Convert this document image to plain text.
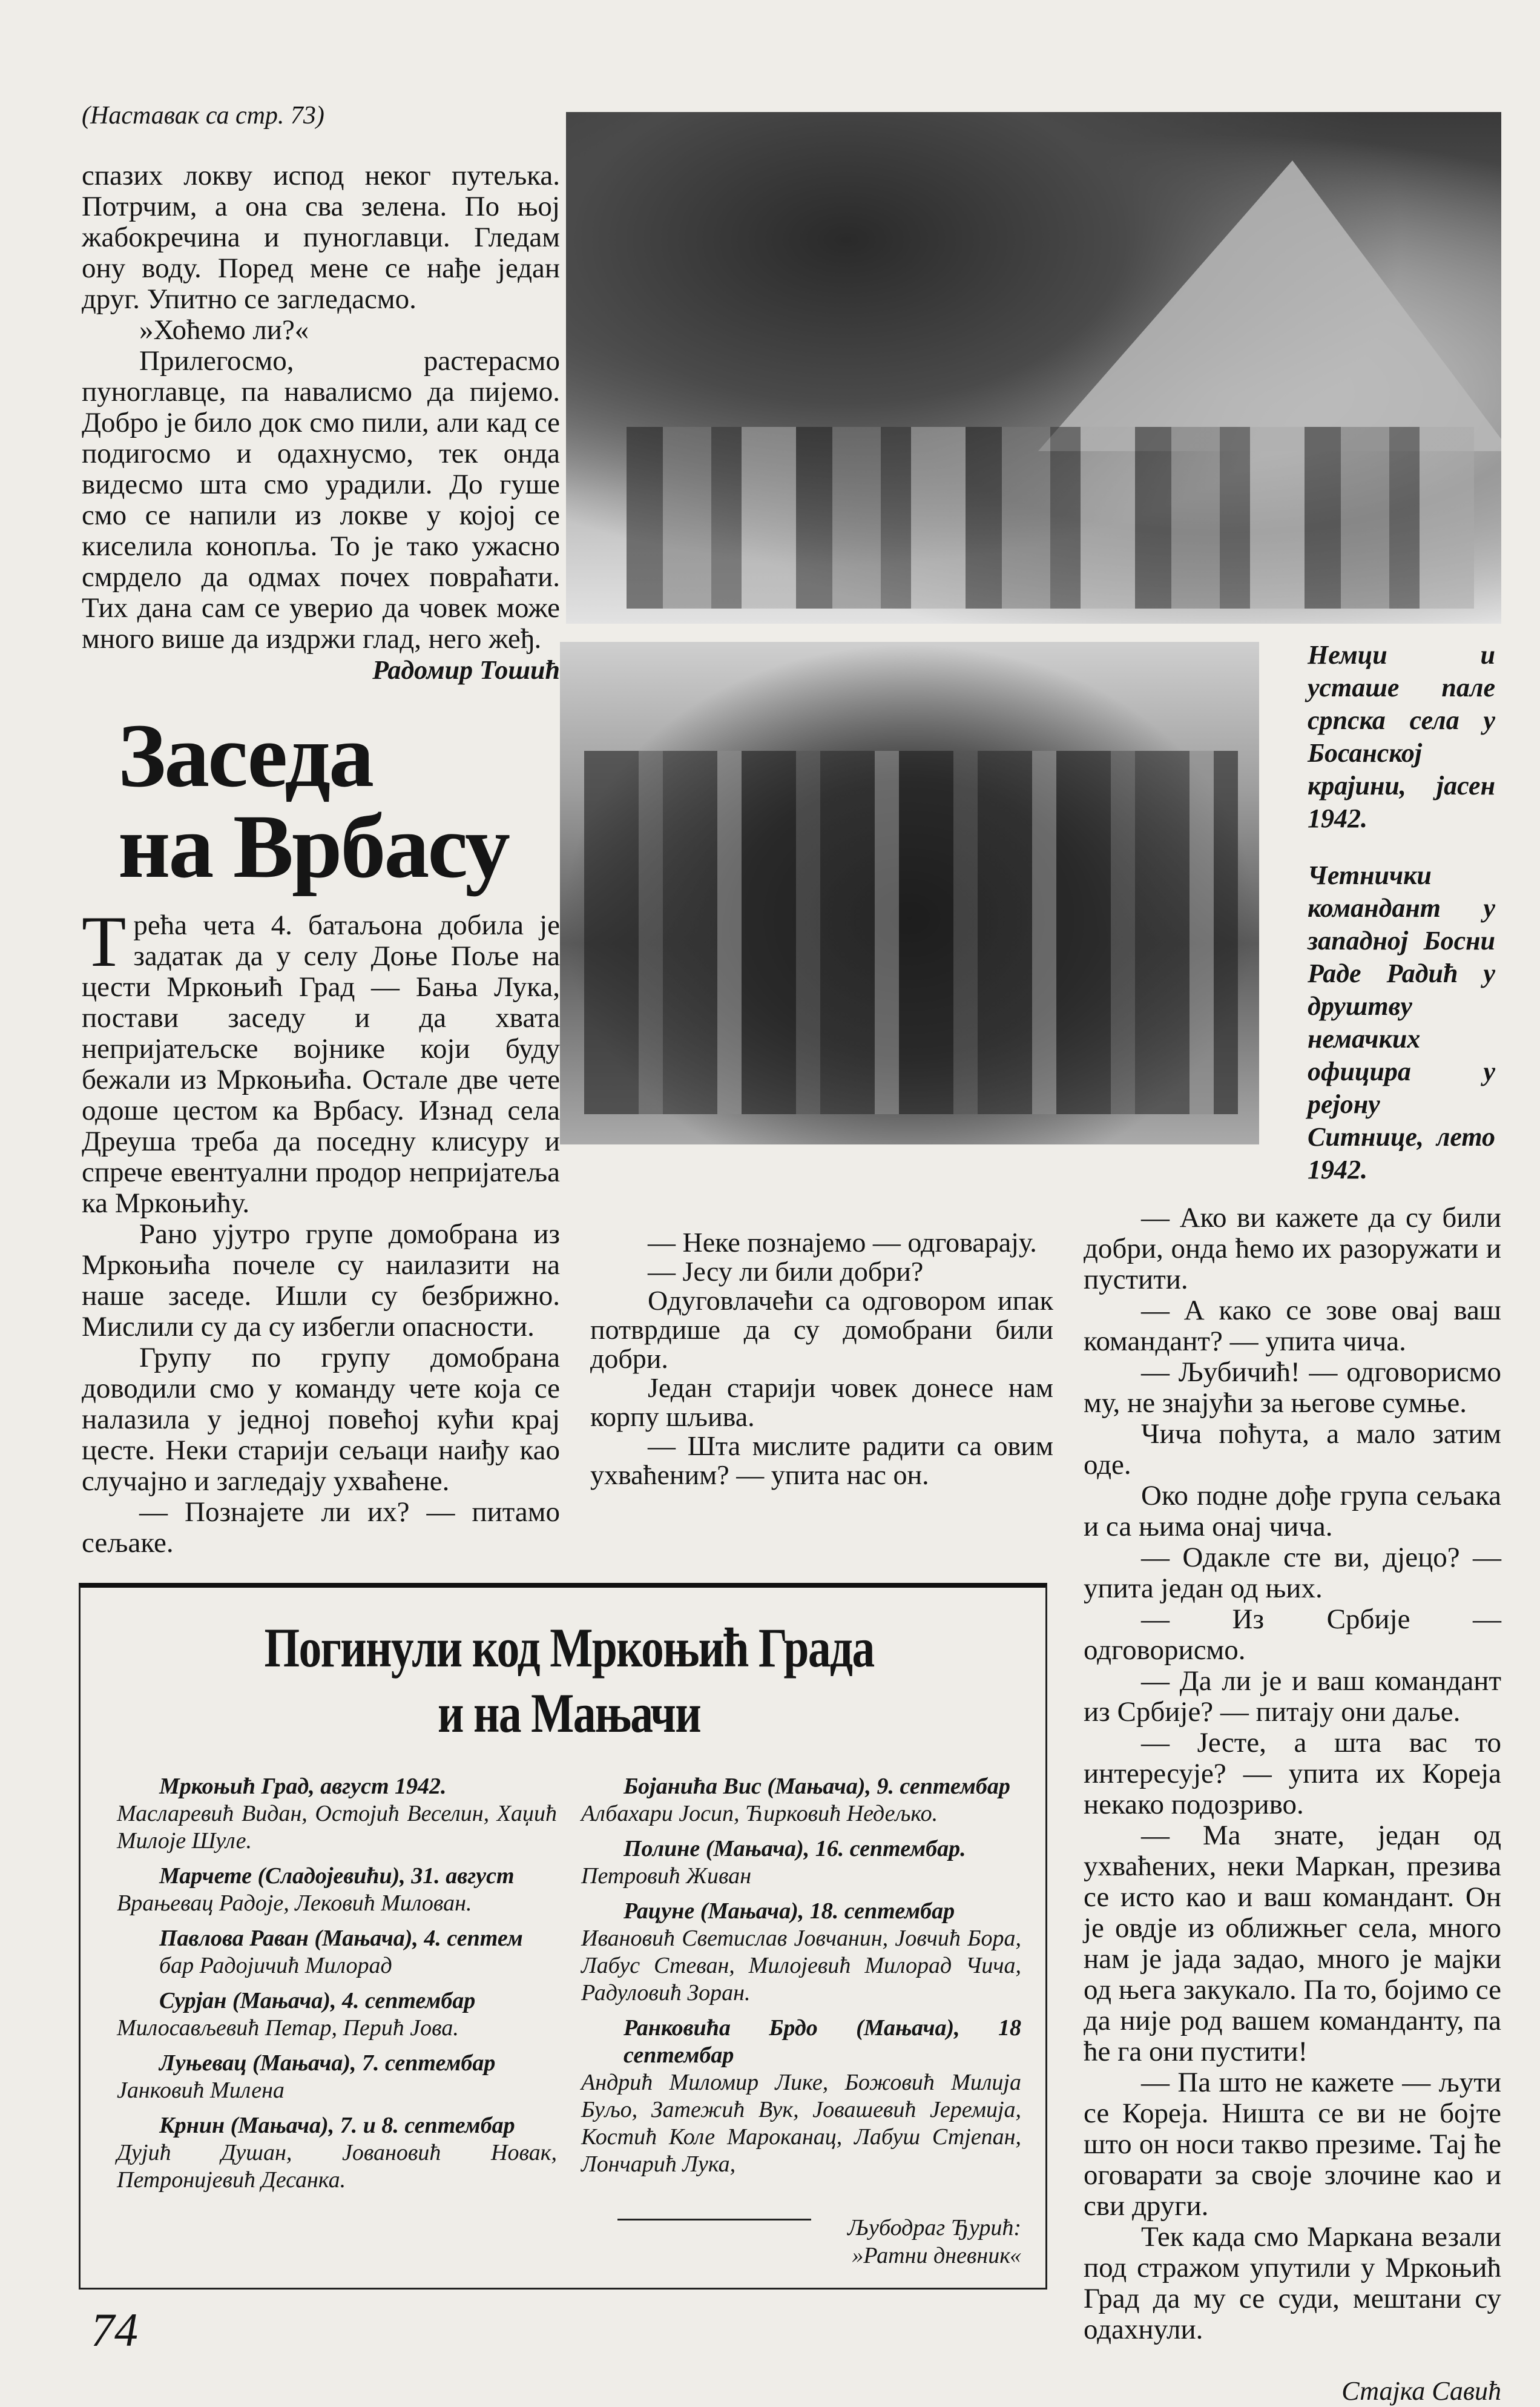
(Наставак са стр. 73)

спазих локву испод неког путељка. Потрчим, а она сва зелена. По њој жабокречина и пуноглавци. Гледам ону воду. Поред мене се нађе један друг. Упитно се загледасмо.

»Хоћемо ли?«

Прилегосмо, растерасмо пуноглавце, па навалисмо да пијемо. Добро је било док смо пили, али кад се подигосмо и одахнусмо, тек онда видесмо шта смо урадили. До гуше смо се напили из локве у којој се киселила конопља. То је тако ужасно смрдело да одмах почех повраћати. Тих дана сам се уверио да човек може много више да издржи глад, него жеђ.

Радомир Тошић
Заседа
на Врбасу

Трећа чета 4. батаљона добила је задатак да у селу Доње Поље на цести Мркоњић Град — Бања Лука, постави заседу и да хвата непријатељске војнике који буду бежали из Мркоњића. Остале две чете одоше цестом ка Врбасу. Изнад села Дреуша треба да поседну клисуру и спрече евентуални продор непријатеља ка Мркоњићу.

Рано ујутро групе домобрана из Мркоњића почеле су наилазити на наше заседе. Ишли су безбрижно. Мислили су да су избегли опасности.

Групу по групу домобрана доводили смо у команду чете која се налазила у једној повећој кући крај цесте. Неки старији сељаци наиђу као случајно и загледају ухваћене.

— Познајете ли их? — питамо сељаке.

— Неке познајемо — одговарају.

— Јесу ли били добри?

Одуговлачећи са одговором ипак потврдише да су домобрани били добри.

Један старији човек донесе нам корпу шљива.

— Шта мислите радити са овим ухваћеним? — упита нас он.

Погинули код Мркоњић Града
и на Мањачи
Мркоњић Град, август 1942.
Масларевић Видан, Остојић Веселин, Хаџић Милоје Шуле.
Марчете (Сладојевићи), 31. август
Врањевац Радоје, Лековић Милован.
Павлова Раван (Мањача), 4. септем
бар Радојичић Милорад
Сурјан (Мањача), 4. септембар
Милосављевић Петар, Перић Јова.
Луњевац (Мањача), 7. септембар
Јанковић Милена
Крнин (Мањача), 7. и 8. септембар
Дујић Душан, Јовановић Новак, Петронијевић Десанка.
Бојанића Вис (Мањача), 9. септембар
Албахари Јосип, Ћирковић Недељко.
Полине (Мањача), 16. септембар.
Петровић Живан
Рацуне (Мањача), 18. септембар
Ивановић Светислав Јовчанин, Јовчић Бора, Лабус Стеван, Милојевић Милорад Чича, Радуловић Зоран.
Ранковића Брдо (Мањача), 18 септембар
Андрић Миломир Лике, Божовић Милија Буљо, Затежић Вук, Јовашевић Јеремија, Костић Коле Мароканац, Лабуш Стјепан, Лончарић Лука,
Љубодраг Ђурић:
»Ратни дневник«
74
Немци и усташе пале српска села у Босанској крајини, јасен 1942.
Четнички командант у западној Босни Раде Радић у друштву немачких официра у рејону Ситнице, лето 1942.

— Ако ви кажете да су били добри, онда ћемо их разоружати и пустити.

— А како се зове овај ваш командант? — упита чича.

— Љубичић! — одговорисмо му, не знајући за његове сумње.

Чича поћута, а мало затим оде.

Око подне дође група сељака и са њима онај чича.

— Одакле сте ви, дјецо? — упита један од њих.

— Из Србије — одговорисмо.

— Да ли је и ваш командант из Србије? — питају они даље.

— Јесте, а шта вас то интересује? — упита их Кореја некако подозриво.

— Ма знате, један од ухваћених, неки Маркан, презива се исто као и ваш командант. Он је овдје из оближњег села, много нам је јада задао, много је мајки од њега закукало. Па то, бојимо се да није род вашем команданту, па ће га они пустити!

— Па што не кажете — љути се Кореја. Ништа се ви не бојте што он носи такво презиме. Тај ће оговарати за своје злочине као и сви други.

Тек када смо Маркана везали под стражом упутили у Мркоњић Град да му се суди, мештани су одахнули.

Стајка Савић
